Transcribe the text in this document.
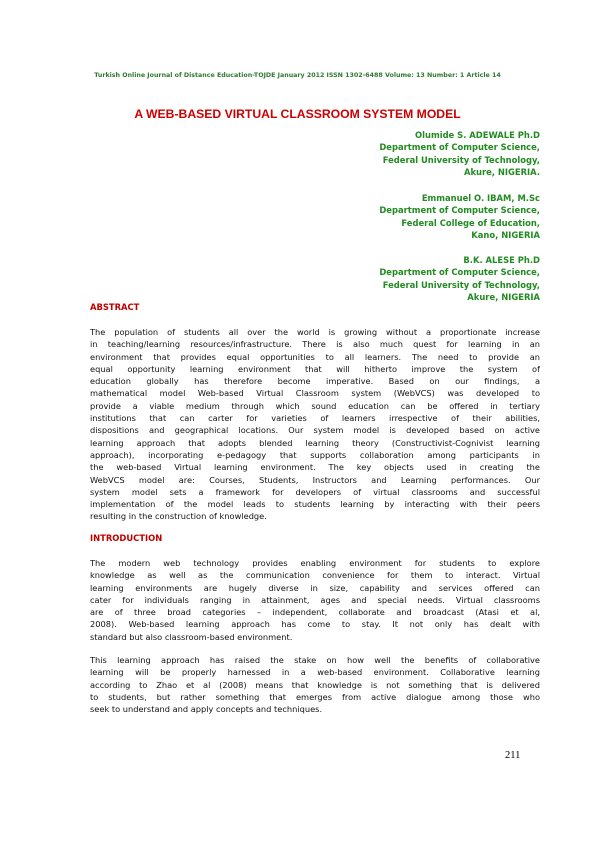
Turkish Online Journal of Distance Education-TOJDE January 2012 ISSN 1302-6488 Volume: 13 Number: 1 Article 14
A WEB-BASED VIRTUAL CLASSROOM SYSTEM MODEL
Olumide S. ADEWALE Ph.D
Department of Computer Science,
Federal University of Technology,
Akure, NIGERIA.
Emmanuel O. IBAM, M.Sc
Department of Computer Science,
Federal College of Education,
Kano, NIGERIA
B.K. ALESE Ph.D
Department of Computer Science,
Federal University of Technology,
Akure, NIGERIA
ABSTRACT
The population of students all over the world is growing without a proportionate increase
in teaching/learning resources/infrastructure. There is also much quest for learning in an
environment that provides equal opportunities to all learners. The need to provide an
equal opportunity learning environment that will hitherto improve the system of
education globally has therefore become imperative. Based on our findings, a
mathematical model Web-based Virtual Classroom system (WebVCS) was developed to
provide a viable medium through which sound education can be offered in tertiary
institutions that can carter for varieties of learners irrespective of their abilities,
dispositions and geographical locations. Our system model is developed based on active
learning approach that adopts blended learning theory (Constructivist-Cognivist learning
approach), incorporating e-pedagogy that supports collaboration among participants in
the web-based Virtual learning environment. The key objects used in creating the
WebVCS model are: Courses, Students, Instructors and Learning performances. Our
system model sets a framework for developers of virtual classrooms and successful
implementation of the model leads to students learning by interacting with their peers
resulting in the construction of knowledge.
INTRODUCTION
The modern web technology provides enabling environment for students to explore
knowledge as well as the communication convenience for them to interact. Virtual
learning environments are hugely diverse in size, capability and services offered can
cater for individuals ranging in attainment, ages and special needs. Virtual classrooms
are of three broad categories – independent, collaborate and broadcast (Atasi et al,
2008). Web-based learning approach has come to stay. It not only has dealt with
standard but also classroom-based environment.
This learning approach has raised the stake on how well the benefits of collaborative
learning will be properly harnessed in a web-based environment. Collaborative learning
according to Zhao et al (2008) means that knowledge is not something that is delivered
to students, but rather something that emerges from active dialogue among those who
seek to understand and apply concepts and techniques.
211
